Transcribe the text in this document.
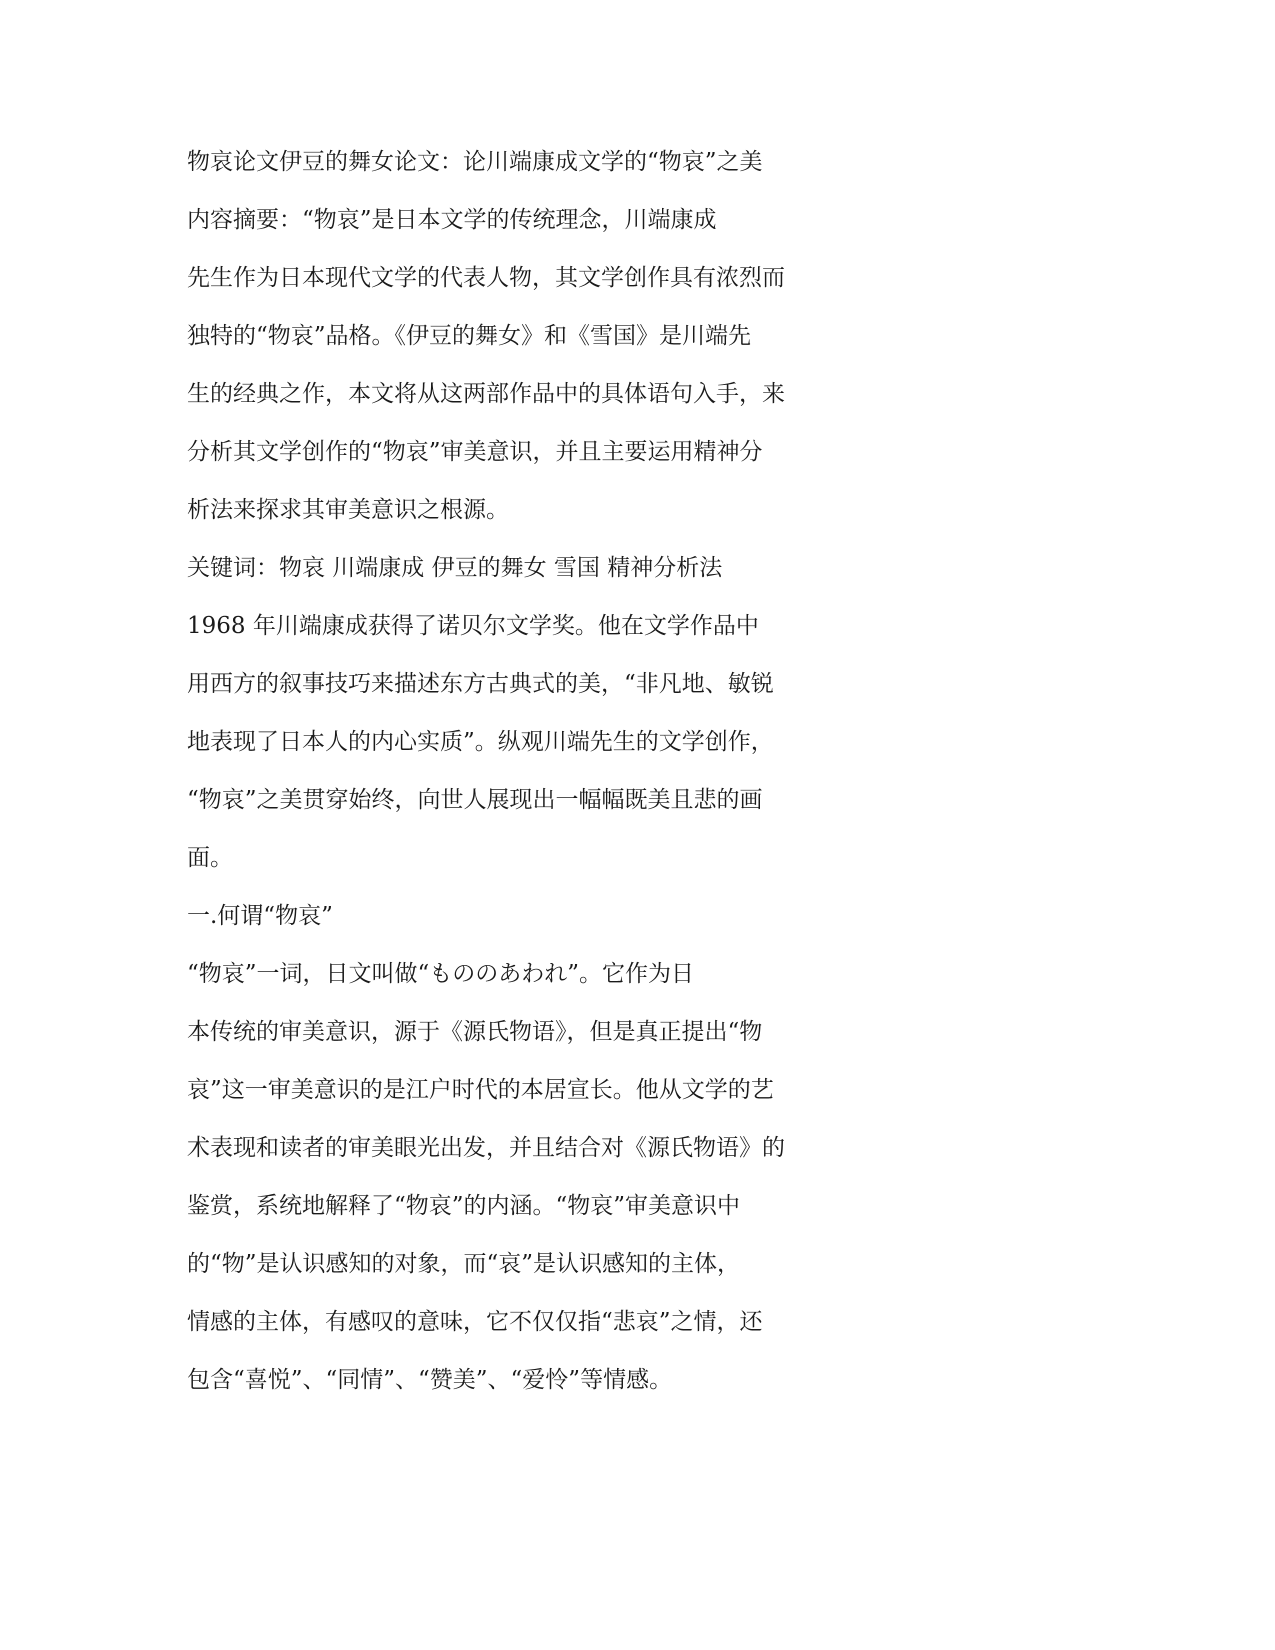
物哀论文伊豆的舞女论文：论川端康成文学的“物哀”之美
内容摘要：“物哀”是日本文学的传统理念，川端康成
先生作为日本现代文学的代表人物，其文学创作具有浓烈而
独特的“物哀”品格。《伊豆的舞女》和《雪国》是川端先
生的经典之作，本文将从这两部作品中的具体语句入手，来
分析其文学创作的“物哀”审美意识，并且主要运用精神分
析法来探求其审美意识之根源。
关键词：物哀 川端康成 伊豆的舞女 雪国 精神分析法
1968 年川端康成获得了诺贝尔文学奖。他在文学作品中
用西方的叙事技巧来描述东方古典式的美，“非凡地、敏锐
地表现了日本人的内心实质”。纵观川端先生的文学创作，
“物哀”之美贯穿始终，向世人展现出一幅幅既美且悲的画
面。
一.何谓“物哀”
“物哀”一词，日文叫做“もののあわれ”。它作为日
本传统的审美意识，源于《源氏物语》，但是真正提出“物
哀”这一审美意识的是江户时代的本居宣长。他从文学的艺
术表现和读者的审美眼光出发，并且结合对《源氏物语》的
鉴赏，系统地解释了“物哀”的内涵。“物哀”审美意识中
的“物”是认识感知的对象，而“哀”是认识感知的主体，
情感的主体，有感叹的意味，它不仅仅指“悲哀”之情，还
包含“喜悦”、“同情”、“赞美”、“爱怜”等情感。
